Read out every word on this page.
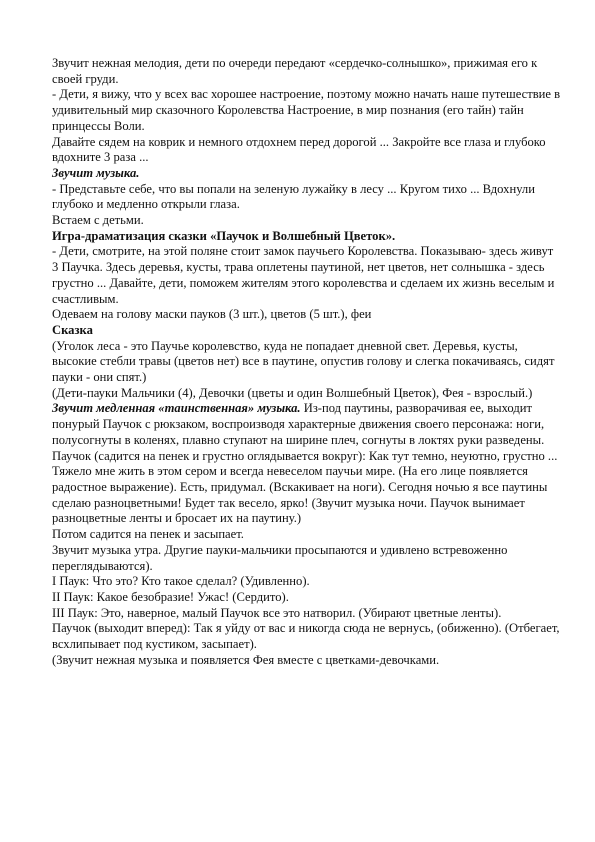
Звучит нежная мелодия, дети по очереди передают «сердечко-солнышко», прижимая его к своей груди.

- Дети, я вижу, что у всех вас хорошее настроение, поэтому можно начать наше путешествие в удивительный мир сказочного Королевства Настроение, в мир познания (его тайн) тайн принцессы Воли.

Давайте сядем на коврик и немного отдохнем перед дорогой ... Закройте все глаза и глубоко вдохните 3 раза ...

Звучит музыка.

- Представьте себе, что вы попали на зеленую лужайку в лесу ... Кругом тихо ... Вдохнули глубоко и медленно открыли глаза.

Встаем с детьми.

Игра-драматизация сказки «Паучок и Волшебный Цветок».

- Дети, смотрите, на этой поляне стоит замок паучьего Королевства. Показываю- здесь живут 3 Паучка. Здесь деревья, кусты, трава оплетены паутиной, нет цветов, нет солнышка - здесь грустно ... Давайте, дети, поможем жителям этого королевства и сделаем их жизнь веселым и счастливым.

Одеваем на голову маски пауков (3 шт.), цветов (5 шт.), феи

Сказка

(Уголок леса - это Паучье королевство, куда не попадает дневной свет. Деревья, кусты, высокие стебли травы (цветов нет) все в паутине, опустив голову и слегка покачиваясь, сидят пауки - они спят.)

(Дети-пауки Мальчики (4), Девочки (цветы и один Волшебный Цветок), Фея - взрослый.)

Звучит медленная «таинственная» музыка. Из-под паутины, разворачивая ее, выходит понурый Паучок с рюкзаком, воспроизводя характерные движения своего персонажа: ноги, полусогнуты в коленях, плавно ступают на ширине плеч, согнуты в локтях руки разведены.

Паучок (садится на пенек и грустно оглядывается вокруг): Как тут темно, неуютно, грустно ... Тяжело мне жить в этом сером и всегда невеселом паучьи мире. (На его лице появляется радостное выражение). Есть, придумал. (Вскакивает на ноги). Сегодня ночью я все паутины сделаю разноцветными! Будет так весело, ярко! (Звучит музыка ночи. Паучок вынимает разноцветные ленты и бросает их на паутину.)

Потом садится на пенек и засыпает.

Звучит музыка утра. Другие пауки-мальчики просыпаются и удивлено встревоженно переглядываются).

I Паук: Что это? Кто такое сделал? (Удивленно).

II Паук: Какое безобразие! Ужас! (Сердито).

III Паук: Это, наверное, малый Паучок все это натворил. (Убирают цветные ленты).

Паучок (выходит вперед): Так я уйду от вас и никогда сюда не вернусь, (обиженно). (Отбегает, всхлипывает под кустиком, засыпает).

(Звучит нежная музыка и появляется Фея вместе с цветками-девочками.
